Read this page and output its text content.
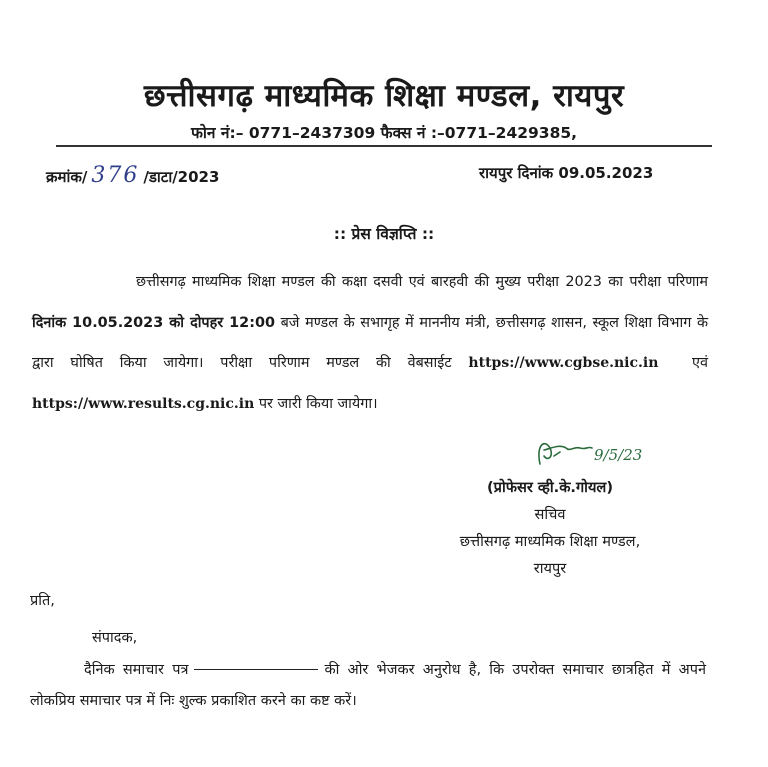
छत्तीसगढ़ माध्यमिक शिक्षा मण्डल, रायपुर
फोन नं:– 0771–2437309 फैक्स नं :–0771–2429385,
क्रमांक/ 376 /डाटा/2023	रायपुर दिनांक 09.05.2023
:: प्रेस विज्ञप्ति ::
छत्तीसगढ़ माध्यमिक शिक्षा मण्डल की कक्षा दसवी एवं बारहवी की मुख्य परीक्षा 2023 का परीक्षा परिणाम दिनांक 10.05.2023 को दोपहर 12:00 बजे मण्डल के सभागृह में माननीय मंत्री, छत्तीसगढ़ शासन, स्कूल शिक्षा विभाग के द्वारा घोषित किया जायेगा। परीक्षा परिणाम मण्डल की वेबसाईट https://www.cgbse.nic.in एवं https://www.results.cg.nic.in पर जारी किया जायेगा।
9/5/23
(प्रोफेसर व्ही.के.गोयल)
सचिव
छत्तीसगढ़ माध्यमिक शिक्षा मण्डल,
रायपुर
प्रति,
संपादक,
दैनिक समाचार पत्र	की ओर भेजकर अनुरोध है, कि उपरोक्त समाचार छात्रहित में अपने लोकप्रिय समाचार पत्र में निः शुल्क प्रकाशित करने का कष्ट करें।
